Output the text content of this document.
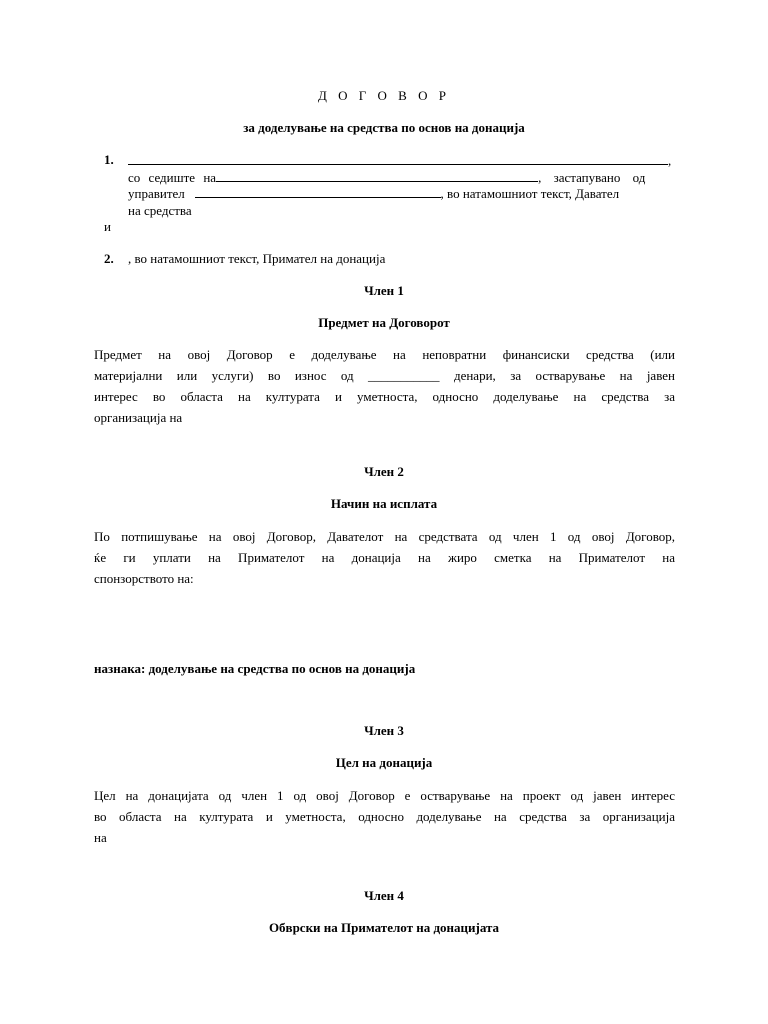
Д О Г О В О Р
за доделување на средства по основ на донација
1.	,
со седиште на	, застапувано од
управител	, во натамошниот текст, Давател
на средства
и
2. , во натамошниот текст, Примател на донација
Член 1
Предмет на Договорот
Предмет на овој Договор е доделување на неповратни финансиски средства (или
материјални или услуги) во износ од ___________ денари, за остварување на јавен
интерес во областа на културата и уметноста, односно доделување на средства за
организација на
Член 2
Начин на исплата
По потпишување на овој Договор, Давателот на средствата од член 1 од овој Договор,
ќе ги уплати на Примателот на донација на жиро сметка на Примателот на
спонзорството на:
назнака: доделување на средства по основ на донација
Член 3
Цел на донација
Цел на донацијата од член 1 од овој Договор е остварување на проект од јавен интерес
во областа на културата и уметноста, односно доделување на средства за организација
на
Член 4
Обврски на Примателот на донацијата
